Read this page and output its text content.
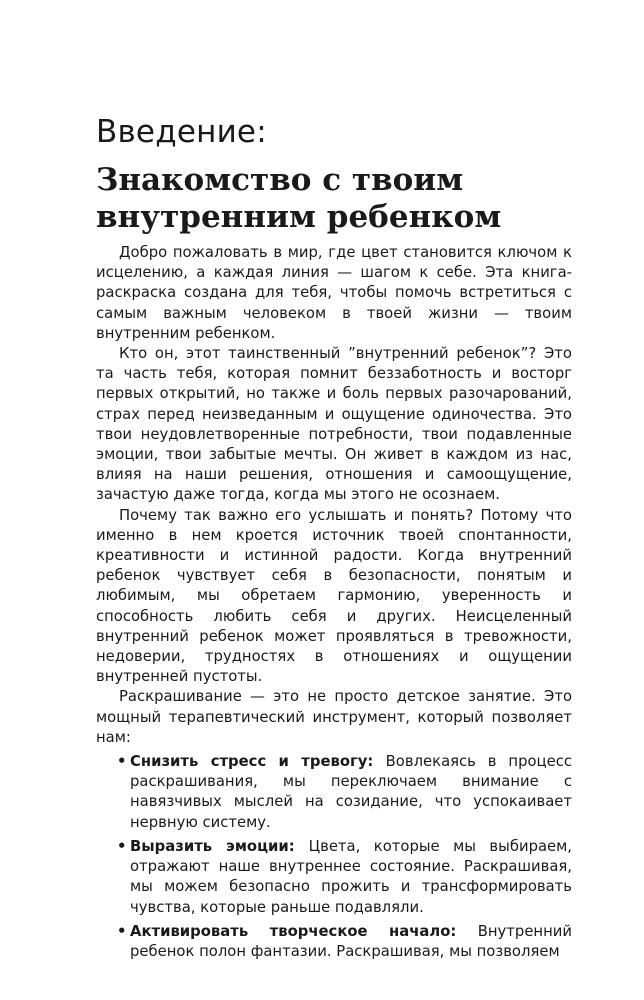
Введение:
Знакомство с твоим внутренним ребенком

Добро пожаловать в мир, где цвет становится ключом к исцелению, а каждая линия — шагом к себе. Эта книга-раскраска создана для тебя, чтобы помочь встретиться с самым важным человеком в твоей жизни — твоим внутренним ребенком.

Кто он, этот таинственный ”внутренний ребенок”? Это та часть тебя, которая помнит беззаботность и восторг первых открытий, но также и боль первых разочарований, страх перед неизведанным и ощущение одиночества. Это твои неудовлетворенные потребности, твои подавленные эмоции, твои забытые мечты. Он живет в каждом из нас, влияя на наши решения, отношения и самоощущение, зачастую даже тогда, когда мы этого не осознаем.

Почему так важно его услышать и понять? Потому что именно в нем кроется источник твоей спонтанности, креативности и истинной радости. Когда внутренний ребенок чувствует себя в безопасности, понятым и любимым, мы обретаем гармонию, уверенность и способность любить себя и других. Неисцеленный внутренний ребенок может проявляться в тревожности, недоверии, трудностях в отношениях и ощущении внутренней пустоты.

Раскрашивание — это не просто детское занятие. Это мощный терапевтический инструмент, который позволяет нам:

• Снизить стресс и тревогу: Вовлекаясь в процесс раскрашивания, мы переключаем внимание с навязчивых мыслей на созидание, что успокаивает нервную систему.
• Выразить эмоции: Цвета, которые мы выбираем, отражают наше внутреннее состояние. Раскрашивая, мы можем безопасно прожить и трансформировать чувства, которые раньше подавляли.
• Активировать творческое начало: Внутренний ребенок полон фантазии. Раскрашивая, мы позволяем
